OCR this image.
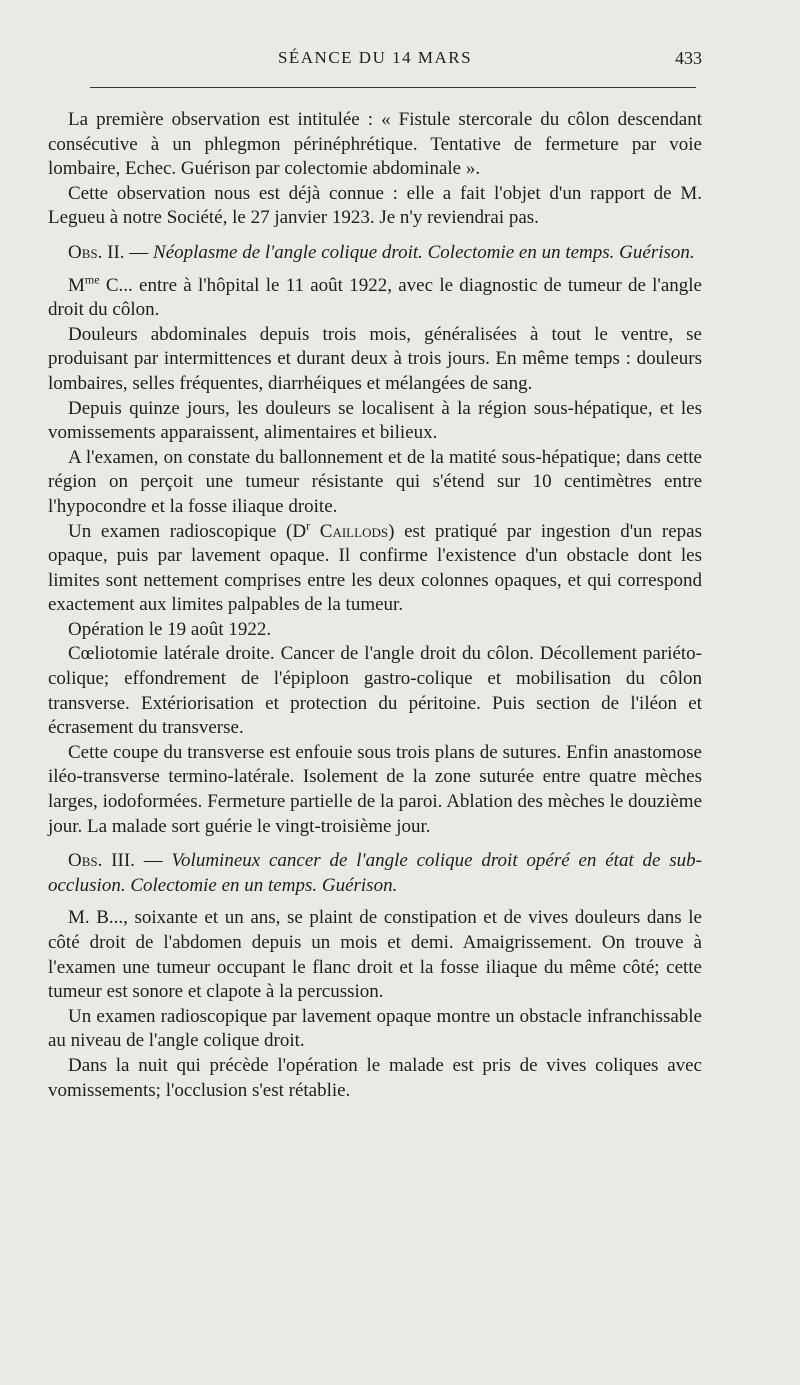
SÉANCE DU 14 MARS	433

La première observation est intitulée : « Fistule stercorale du côlon descendant consécutive à un phlegmon périnéphrétique. Tentative de fermeture par voie lombaire, Echec. Guérison par colectomie abdominale ».

Cette observation nous est déjà connue : elle a fait l'objet d'un rapport de M. Legueu à notre Société, le 27 janvier 1923. Je n'y reviendrai pas.

Obs. II. — Néoplasme de l'angle colique droit. Colectomie en un temps. Guérison.

$M^{me}$ C... entre à l'hôpital le 11 août 1922, avec le diagnostic de tumeur de l'angle droit du côlon.

Douleurs abdominales depuis trois mois, généralisées à tout le ventre, se produisant par intermittences et durant deux à trois jours. En même temps : douleurs lombaires, selles fréquentes, diarrhéiques et mélangées de sang.

Depuis quinze jours, les douleurs se localisent à la région sous-hépatique, et les vomissements apparaissent, alimentaires et bilieux.

A l'examen, on constate du ballonnement et de la matité sous-hépatique; dans cette région on perçoit une tumeur résistante qui s'étend sur 10 centimètres entre l'hypocondre et la fosse iliaque droite.

Un examen radioscopique ($D^r$ Caillods) est pratiqué par ingestion d'un repas opaque, puis par lavement opaque. Il confirme l'existence d'un obstacle dont les limites sont nettement comprises entre les deux colonnes opaques, et qui correspond exactement aux limites palpables de la tumeur.

Opération le 19 août 1922.

Cœliotomie latérale droite. Cancer de l'angle droit du côlon. Décollement pariéto-colique; effondrement de l'épiploon gastro-colique et mobilisation du côlon transverse. Extériorisation et protection du péritoine. Puis section de l'iléon et écrasement du transverse.

Cette coupe du transverse est enfouie sous trois plans de sutures. Enfin anastomose iléo-transverse termino-latérale. Isolement de la zone suturée entre quatre mèches larges, iodoformées. Fermeture partielle de la paroi. Ablation des mèches le douzième jour. La malade sort guérie le vingt-troisième jour.

Obs. III. — Volumineux cancer de l'angle colique droit opéré en état de sub-occlusion. Colectomie en un temps. Guérison.

M. B..., soixante et un ans, se plaint de constipation et de vives douleurs dans le côté droit de l'abdomen depuis un mois et demi. Amaigrissement. On trouve à l'examen une tumeur occupant le flanc droit et la fosse iliaque du même côté; cette tumeur est sonore et clapote à la percussion.

Un examen radioscopique par lavement opaque montre un obstacle infranchissable au niveau de l'angle colique droit.

Dans la nuit qui précède l'opération le malade est pris de vives coliques avec vomissements; l'occlusion s'est rétablie.
